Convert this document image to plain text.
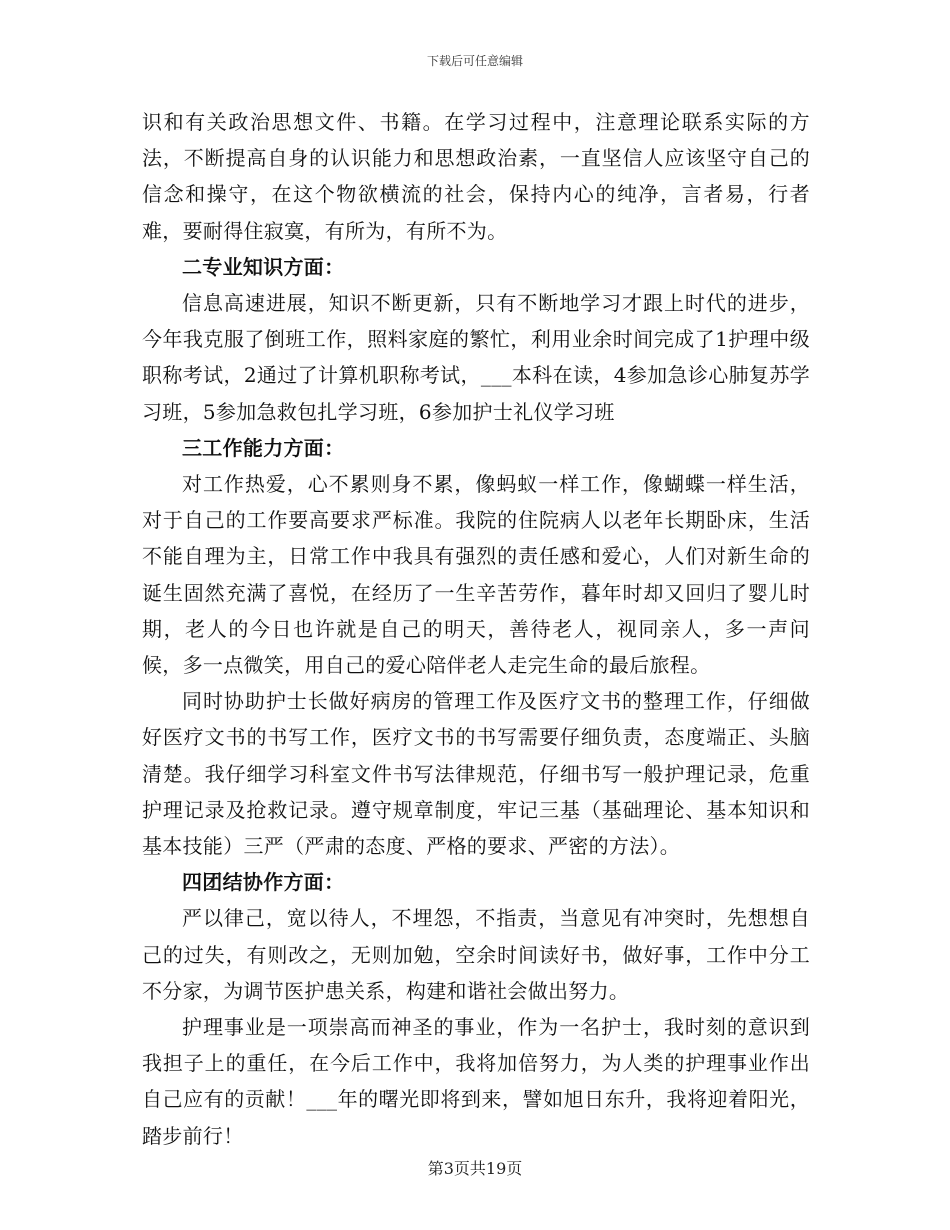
下载后可任意编辑

识和有关政治思想文件、书籍。在学习过程中，注意理论联系实际的方法，不断提高自身的认识能力和思想政治素，一直坚信人应该坚守自己的信念和操守，在这个物欲横流的社会，保持内心的纯净，言者易，行者难，要耐得住寂寞，有所为，有所不为。

二专业知识方面：

信息高速进展，知识不断更新，只有不断地学习才跟上时代的进步，今年我克服了倒班工作，照料家庭的繁忙，利用业余时间完成了1护理中级职称考试，2通过了计算机职称考试，___本科在读，4参加急诊心肺复苏学习班，5参加急救包扎学习班，6参加护士礼仪学习班

三工作能力方面：

对工作热爱，心不累则身不累，像蚂蚁一样工作，像蝴蝶一样生活，对于自己的工作要高要求严标准。我院的住院病人以老年长期卧床，生活不能自理为主，日常工作中我具有强烈的责任感和爱心，人们对新生命的诞生固然充满了喜悦，在经历了一生辛苦劳作，暮年时却又回归了婴儿时期，老人的今日也许就是自己的明天，善待老人，视同亲人，多一声问候，多一点微笑，用自己的爱心陪伴老人走完生命的最后旅程。

同时协助护士长做好病房的管理工作及医疗文书的整理工作，仔细做好医疗文书的书写工作，医疗文书的书写需要仔细负责，态度端正、头脑清楚。我仔细学习科室文件书写法律规范，仔细书写一般护理记录，危重护理记录及抢救记录。遵守规章制度，牢记三基（基础理论、基本知识和基本技能）三严（严肃的态度、严格的要求、严密的方法）。

四团结协作方面：

严以律己，宽以待人，不埋怨，不指责，当意见有冲突时，先想想自己的过失，有则改之，无则加勉，空余时间读好书，做好事，工作中分工不分家，为调节医护患关系，构建和谐社会做出努力。

护理事业是一项崇高而神圣的事业，作为一名护士，我时刻的意识到我担子上的重任，在今后工作中，我将加倍努力，为人类的护理事业作出自己应有的贡献！___年的曙光即将到来，譬如旭日东升，我将迎着阳光，踏步前行！

第3页共19页
